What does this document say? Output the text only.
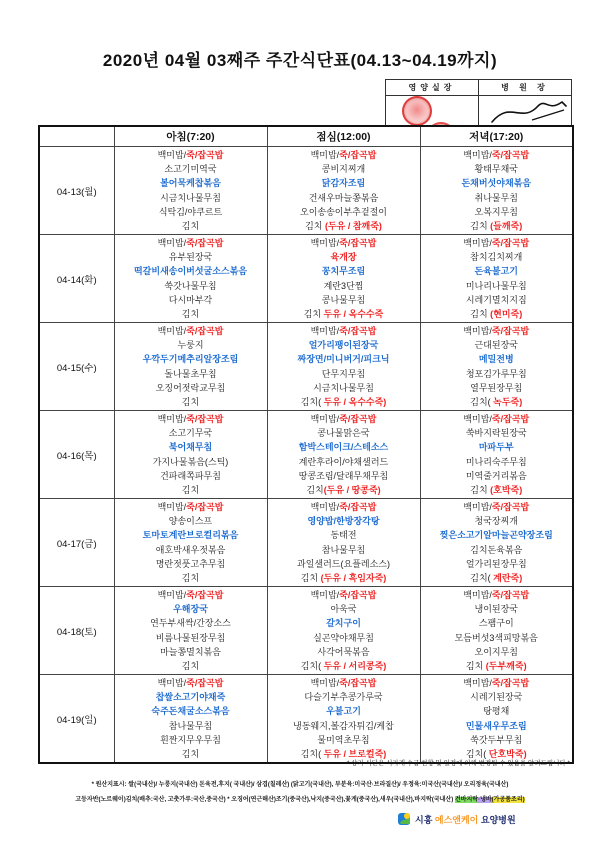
2020년 04월 03째주 주간식단표(04.13~04.19까지)
영양실장	병 원 장

	아침(7:20)	점심(12:00)	저녁(17:20)
04-13(월)	
백미밥/죽/잡곡밥
소고기미역국
볼어묵케찹볶음
시금치나물무침
식탁김/야쿠르트
김치

백미밥/죽/잡곡밥
콩비지찌개
닭감자조림
건새우마늘쫑볶음
오이송송이부추겉절이
김치 (두유 / 참깨죽)

백미밥/죽/잡곡밥
황태무채국
돈채버섯야채볶음
취나물무침
오복지무침
김치 (들깨죽)

04-14(화)	
백미밥/죽/잡곡밥
유부된장국
떡갈비새송이버섯굴소스볶음
쑥갓나물무침
다시마부각
김치

백미밥/죽/잡곡밥
육개장
꽁치무조림
계란3단찜
콩나물무침
김치 두유 / 옥수수죽

백미밥/죽/잡곡밥
참치김치찌개
돈육불고기
미나리나물무침
시레기멸치지짐
김치 (현미죽)

04-15(수)	
백미밥/죽/잡곡밥
누룽지
우깍두기메추리알장조림
돌나물초무침
오징어젓락교무침
김치

백미밥/죽/잡곡밥
얼가리팽이된장국
짜장면/미니버거/피크닉
단무지무침
시금치나물무침
김치( 두유 / 옥수수죽)

백미밥/죽/잡곡밥
근대된장국
메밀전병
청포김가루무침
열무된장무침
김치( 녹두죽)

04-16(목)	
백미밥/죽/잡곡밥
소고기무국
북어채무침
가지나물볶음(스틱)
건파래쪽파무침
김치

백미밥/죽/잡곡밥
콩나물맑은국
함박스테이크/스테소스
계란후라이/야채샐러드
땅콩조림/달래무채무침
김치(두유 / 땅콩죽)

백미밥/죽/잡곡밥
쑥바지락된장국
마파두부
미나리숙주무침
미역줄거리볶음
김치 (호박죽)

04-17(금)	
백미밥/죽/잡곡밥
양송이스프
토마토계란브로컬리볶음
애호박새우젓볶음
명란젓풋고추무침
김치

백미밥/죽/잡곡밥
영양밥/한방장각탕
동태전
참나물무침
과일샐러드(요플레소스)
김치 (두유 / 흑임자죽)

백미밥/죽/잡곡밥
청국장찌개
찢은소고기알마늘곤약장조림
김치돈육볶음
얼가리된장무침
김치( 계란죽)

04-18(토)	
백미밥/죽/잡곡밥
우해장국
연두부새싹/간장소스
비름나물된장무침
마늘쫑멸치볶음
김치

백미밥/죽/잡곡밥
아욱국
갈치구이
실곤약야채무침
사각어묵볶음
김치( 두유 / 서리콩죽)

백미밥/죽/잡곡밥
냉이된장국
스팸구이
모듬버섯3색피망볶음
오이지무침
김치 (두부깨죽)

04-19(일)	
백미밥/죽/잡곡밥
찹쌀소고기야채죽
숙주돈채굴소스볶음
참나물무침
흰짠지무우무침
김치

백미밥/죽/잡곡밥
다슬기부추콩가루국
우불고기
냉동웨지,볼감자튀김/케찹
물미역초무침
김치( 두유 / 브로컬죽)

백미밥/죽/잡곡밥
시레기된장국
탕평채
민물새우무조림
쑥갓두부무침
김치( 단호박죽)
* 상기 식단은 식자재 수급 현황 및 일정에 의해 변경될 수 있음을 알려드립니다 *
* 원산지표시: 쌀(국내산)/ 누룽지(국내산) 돈육전,후지( 국내산)/ 삼겹(칠레산) (닭고기(국내산), 부분육:미국산·브라질산)/ 우정육:미국산(국내산)/ 오리정육(국내산)
고등자반(노르웨이)김치(배추:국산, 고춧가루:국산,중국산) * 오징어(연근해산)조기(중국산),낙지(중국산),꽃게(중국산),새우(국내산),바지락(국내산) 건바지락·냉바(가공품조리)
시흥 에스앤케이 요양병원
